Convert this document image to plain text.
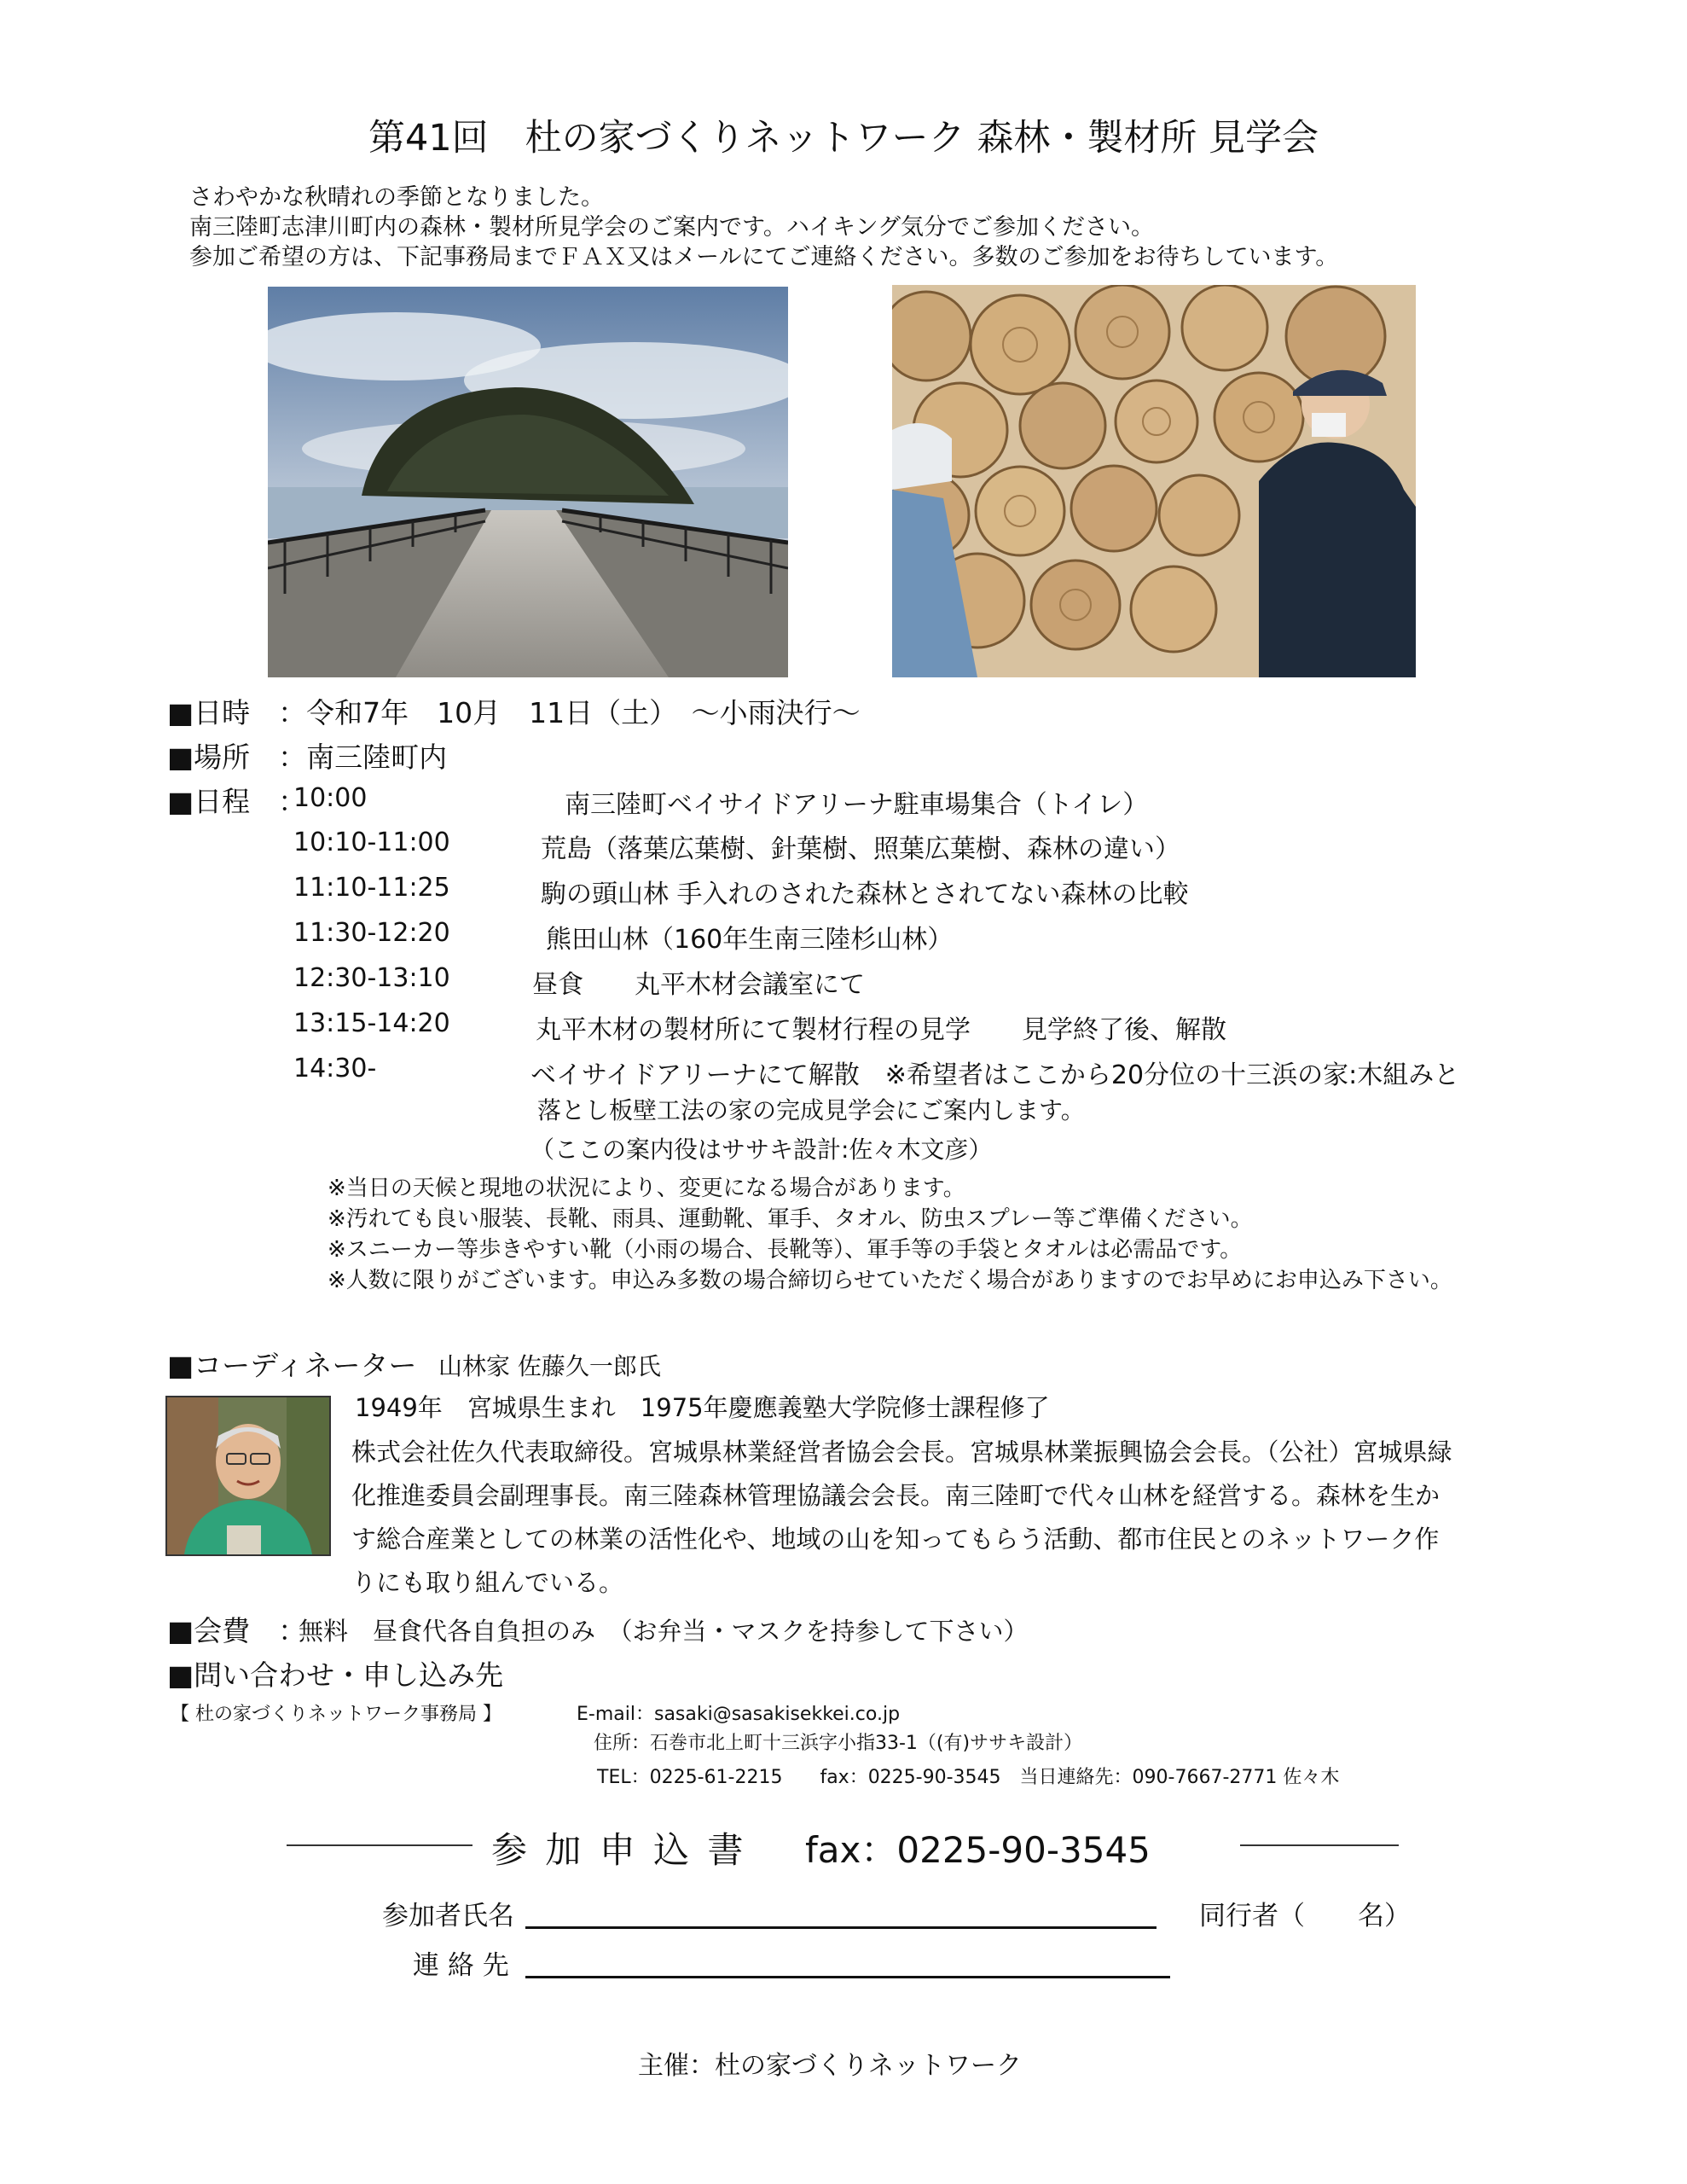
第41回　杜の家づくりネットワーク 森林・製材所 見学会
さわやかな秋晴れの季節となりました。
南三陸町志津川町内の森林・製材所見学会のご案内です。ハイキング気分でご参加ください。
参加ご希望の方は、下記事務局までＦＡＸ又はメールにてご連絡ください。多数のご参加をお待ちしています。
■日時　：令和7年　10月　11日（土）　～小雨決行～
■場所　：南三陸町内
■日程　：
10:00	南三陸町ベイサイドアリーナ駐車場集合（トイレ）
10:10-11:00	荒島（落葉広葉樹、針葉樹、照葉広葉樹、森林の違い）
11:10-11:25	駒の頭山林 手入れのされた森林とされてない森林の比較
11:30-12:20	熊田山林（160年生南三陸杉山林）
12:30-13:10	昼食　　丸平木材会議室にて
13:15-14:20	丸平木材の製材所にて製材行程の見学　　見学終了後、解散
14:30-	ベイサイドアリーナにて解散　※希望者はここから20分位の十三浜の家:木組みと
落とし板壁工法の家の完成見学会にご案内します。
（ここの案内役はササキ設計:佐々木文彦）
※当日の天候と現地の状況により、変更になる場合があります。
※汚れても良い服装、長靴、雨具、運動靴、軍手、タオル、防虫スプレー等ご準備ください。
※スニーカー等歩きやすい靴（小雨の場合、長靴等）、軍手等の手袋とタオルは必需品です。
※人数に限りがございます。申込み多数の場合締切らせていただく場合がありますのでお早めにお申込み下さい。
■コーディネーター 山林家 佐藤久一郎氏
1949年　宮城県生まれ　1975年慶應義塾大学院修士課程修了
株式会社佐久代表取締役。宮城県林業経営者協会会長。宮城県林業振興協会会長。（公社）宮城県緑
化推進委員会副理事長。南三陸森林管理協議会会長。南三陸町で代々山林を経営する。森林を生か
す総合産業としての林業の活性化や、地域の山を知ってもらう活動、都市住民とのネットワーク作
りにも取り組んでいる。
■会費　：
無料　昼食代各自負担のみ　（お弁当・マスクを持参して下さい）
■問い合わせ・申し込み先
【 杜の家づくりネットワーク事務局 】	E-mail：sasaki@sasakisekkei.co.jp
住所：石巻市北上町十三浜字小指33-1（(有)ササキ設計）
TEL：0225-61-2215　　fax：0225-90-3545　当日連絡先：090-7667-2771 佐々木
参 加 申 込 書 fax：0225-90-3545
参加者氏名	同行者（　　名）
連 絡 先
主催：杜の家づくりネットワーク
